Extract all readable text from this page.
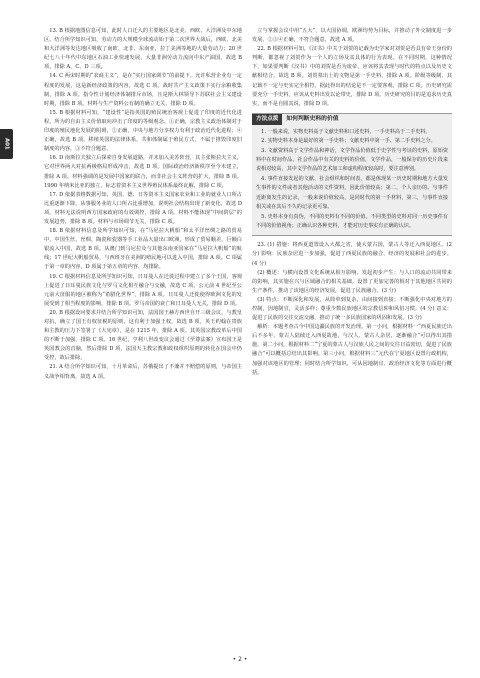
A01

13. B 根据地图信息可知，此时人口迁入的主要地区是北美、西欧、大洋洲及中东地区。结合所学知识可知，劳动力的大规模全球流动始于第二次世界大战后，西欧、北美和大洋洲等发达地区吸收了南欧、北非、东南亚，拉丁美洲等地的大量劳动力；20 世纪七八十年代中东地区石油工业快速发展，大量非洲劳动力流向中东产油国，故选 B 项，排除 A、C、D 三项。

14. C 两宋时期的“农商主义”，是在“实行国家调节”的前提下，允许私营企业有一定程度的发展，这是新经济政策的内容，故选 C 项。战时共产主义政策下实行余粮收集制，排除 A 项。指令性计划经济体制排斥市场，且是斯大林领导下苏联社会主义建设时期，排除 B 项。材料与生产资料公有制的确立无关，排除 D 项。

15. B 根据材料可知，“建设性”是指英国的殖民统治客观上促进了印度的近代化进程，所为的自由主义价值取向冲击了印度的等级观念。①正确，宗教主义政治体制对于印度的殖民地化发展的阻碍，②正确，中央与地方分享权力有利于政治近代化进程；④正确，故选 B 项。移植英国的法律体系，共和体制属于殖民方式，不属于推毁印度旧制度的内容，③不符合题意。

16. D 南斯拉夫独立后探索自身发展道路，并未加入美苏阵营，其主张斯拉夫主义，它对世界两大对抗两极格局形成冲击，故选 D 项。国际政治经济新秩序至今未建立，排除 A 项。材料强调的是发展中国家的联合，而非社会主义阵营的扩大，排除 B 项。1990 年纳米比亚的独立，标志着资本主义世界殖民体系最终瓦解，排除 C 项。

17. D 依据表格数据可知，英国、德、日等资本主义国家农业和工业的就业人口所占比重逐渐下降，从事服务业的人口所占比重增加，说明社会结构出现了新变化，故选 D 项。材料无法说明西方国家政府的有效调控，排除 A 项。材料不能体现“中间阶层”的发展趋势，排除 B 项。材料与市场调节无关，排除 C 项。

18. B 依据材料信息及所学知识可知，在“马尼拉大帆船”和太平洋丝绸之路的贸易中，中国生丝、丝绸、陶瓷和瓷器等手工业品大量出口欧洲，形成了贸易顺差，巨额白银流入中国，故选 B 项。从澳门到马尼拉及与其他东南亚国家在“马尼拉大帆船”的航线；17 世纪大帆船贸易，与西班牙在美洲的殖民地可以进入中国，排除 A 项。C 项属于第一章的内容，D 项属于第五章的内容，均排除。

19. C 根据材料信息及所学知识可知，日耳曼人在迁徙过程中建立了多个王国，客观上促进了日耳曼民族文化与罗马文化相互融合与交融，故选 C 项。公元前 4 世纪至公元前大征服的地区被称为“希腊化世界”，排除 A 项。日耳曼人迁徙使得欧洲文化的发展受到了相当程度的影响，排除 B 项。罗马帝国的衰亡和日耳曼人无关，排除 D 项。

20. B 根据设问要求并结合所学知识可知，法国国王赫方西世自开三级会议，与教皇对抗，确立了国王有权征税的原则，这有利于加强王权，故选 B 项。英王约翰在贵族和主教的压力下签署了《大宪章》，是在 1215 年，排除 A 项。其英国宗教改革后中国的不断于加强，排除 C 项。16 世纪，亨利八世改变议会通过《至尊法案》宣布国王是英国教会的首脑，然后排除 D 项，法国天主教宗教和政权组织原则的转化在国会中仍受控，故后排除。

21. A 结合所学知识可知，十月革命后，苏俄提出了不兼并不赔偿的原则，与帝国主义战争相背离，故选 A 项。

立与掌握会议中用“五大”，以大国协调，欧洲均势为目标，并推动了外交制度进一步发展，②③④正确，不符合题意，故选 A 项。

22. B 根据材料可知，《汉书》中关于刘贺的记载为史学家对刘贺是否具有帝王身份的判断，都忽视了刘贺作为一个人的立场及其具体的行为表现。在不同时期，这种情况下，如果要判断《汉书》中的刘贺是否为废帝，应该将其表现与时代的特点以及历史文献相结合，故选 B 项。刘贺墓出土的文物是第一手史料，排除 A 项。阶级等级制，其记载不一定与史实完全相符，据此得出的结论是不一定要客观，排除 C 项。历史研究需要充分一手史料，应该从史料出发以论带史，排除 D 项。历史研究的目的是追求历史真实，而不是自圆其说，排除 D 项。

方法点拨	如何判断史料的价值

1. 一般来说，实物史料高于文献史料和口述史料，一手史料高于二手史料。

2. 实物史料本身是最好的第一手史料；文献史料中第一手、第二手史料之分。

3. 文献资料高于文学作品和神话，文学作品价值低于史学性与考证的史料，原始资料中在时间作品、社会作品中有关的史料的价值，文学作品，一般保存的历史片段来说相对较高，其中文学作品的艺术加工和虚构程度较高时，要注意辨别。

4. 事件直接发起的文献、社会组织和时间表，都是体现某一历史时期和地方大量发生事件的文件或者其他活动的文件资料，因此价值较高；第二，个人亲历的、与事件近距离发生的记录，一般来说价值较高，是同时代的第一手材料，第三，与事件直接相关或在其后不久的记录更可靠。

5. 史料本身有真伪，不同的史料有不同的价值。不同类型的史料对同一历史事件有不同的价值视角；正确认识各种史料，才能对历史事实有正确的认识。

23. (1) 措施：将西夏道置设入大都之省，使大蒙古国，蒙古人等迁入西夏地区。(2 分) 影响：民族杂居进一步加强，促进了西夏民族的融合、经济的发展和社会的进步。(4 分)

(2) 概述：与横向设置文化系统从相互影响，发起初步产生：与人口的流动共同带来的影响，其实施在兴与区域融合的相关基础。设置了更加完善的相对于其他地区共同的生产条件，推动了该地区的经济发展，促进了民族融合。(3 分)

(3) 特点：不断深化和发展，从简单到复杂，由间接到直接；不断强化中央对地方的控制，因地制宜，灵活多样；尊重少数民族地区的宗教信仰和风俗习惯。(4 分) 意义：促进了民族的交往交流交融，推动了统一多民族国家的巩固和发展。(3 分)

解析：本题考查古今中国边疆民族的开发治理。第一小问，根据材料一“西夏民族迁出后不多年，蒙古人陆续迁入西夏故地，与汉人、蒙古人杂居，逐渐融合”可以得出其措施。第二小问，根据材料二“宁夏的蒙古人与汉族人民之间的交往日益密切，促进了民族融合”可以概括总结出其影响。第三小问，根据材料三“元代在宁夏地区设置行政机构，加强对该地区的管理；同时结合所学知识，可从因地制宜、政治经济文化等方面进行概括。

• 2 •
